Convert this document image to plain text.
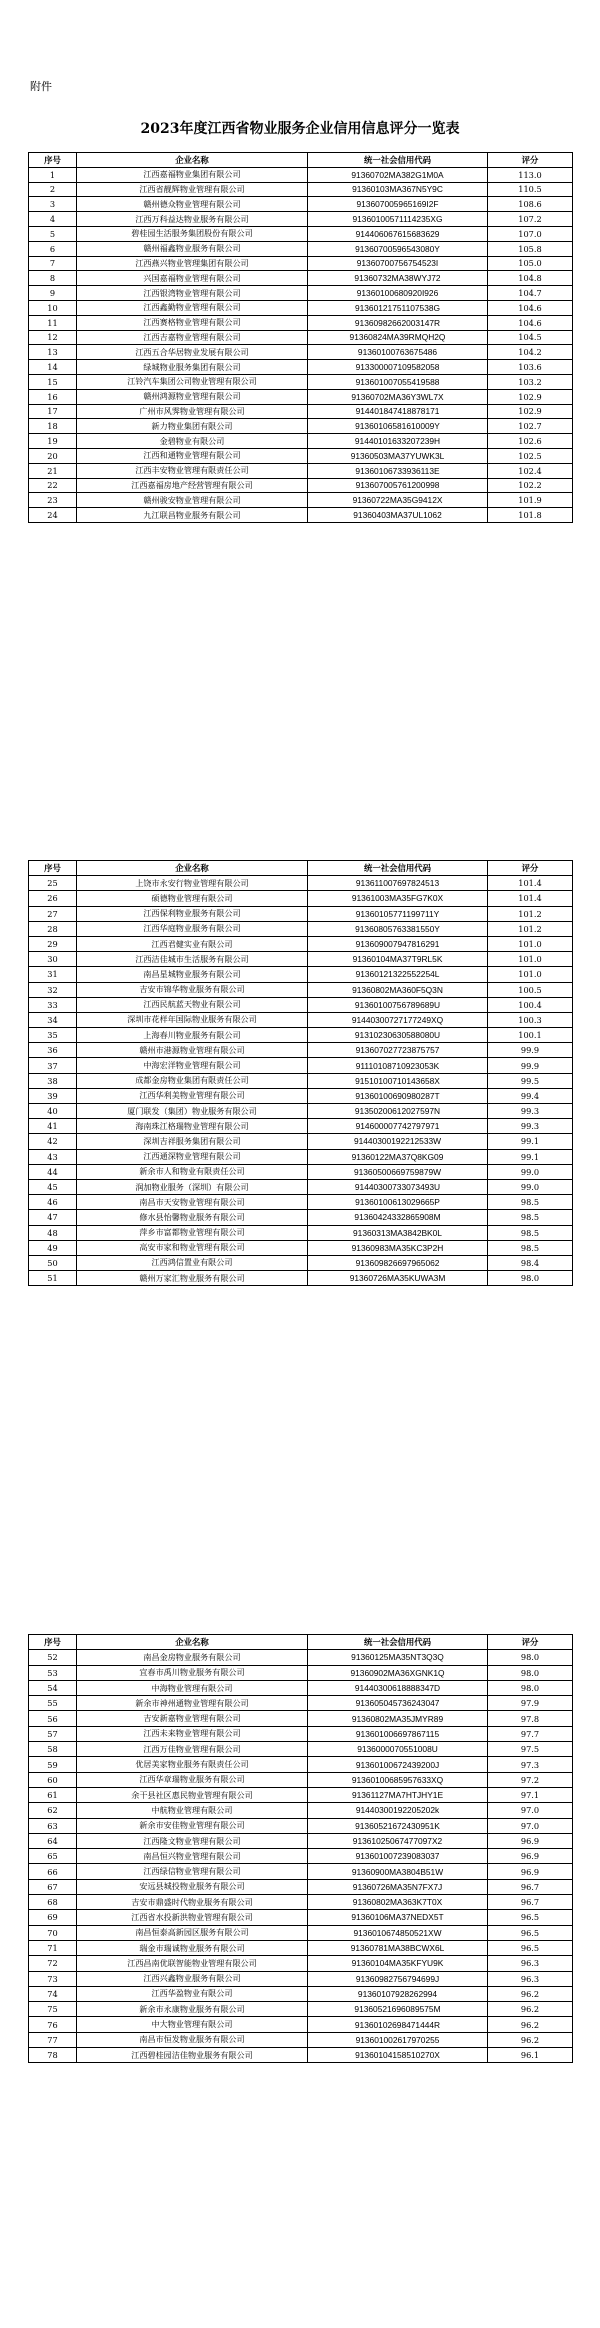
附件
2023年度江西省物业服务企业信用信息评分一览表
序号	企业名称	统一社会信用代码	评分
1	江西嘉福物业集团有限公司	91360702MA382G1M0A	113.0
2	江西省靓辉物业管理有限公司	91360103MA367N5Y9C	110.5
3	赣州德众物业管理有限公司	913607005965169I2F	108.6
4	江西万科益达物业服务有限公司	91360100571114235XG	107.2
5	碧桂园生活服务集团股份有限公司	91440606761568362​9	107.0
6	赣州福鑫物业服务有限公司	91360700596543080Y	105.8
7	江西燕兴物业管理集团有限公司	91360700756754523I	105.0
8	兴国嘉福物业管理有限公司	91360732MA38WYJ72	104.8
9	江西银湾物业管理有限公司	91360100680920I926	104.7
10	江西鑫勤物业管理有限公司	91360121751107538G	104.6
11	江西赛格物业管理有限公司	91360982662003147R	104.6
12	江西吉嘉物业管理有限公司	91360824MA39RMQH2Q	104.5
13	江西五合华居物业发展有限公司	91360100763675486	104.2
14	绿城物业服务集团有限公司	913300007109582058	103.6
15	江铃汽车集团公司物业管理有限公司	91360100705541958​8	103.2
16	赣州鸿源物业管理有限公司	91360702MA36Y3WL7X	102.9
17	广州市风霁物业管理有限公司	914401847418878171	102.9
18	新力物业集团有限公司	91360106581610009Y	102.7
19	金碧物业有限公司	91440101633207239H	102.6
20	江西和通物业管理有限公司	91360503MA37YUWK3L	102.5
21	江西丰安物业管理有限责任公司	91360106733936113E	102.4
22	江西嘉福房地产经营管理有限公司	91360700576120099​8	102.2
23	赣州骏安物业管理有限公司	91360722MA35G9412X	101.9
24	九江联昌物业服务有限公司	91360403MA37UL1062	101.8
序号	企业名称	统一社会信用代码	评分
25	上饶市永安行物业管理有限公司	91361100769782451​3	101.4
26	硕德物业管理有限公司	91361003MA35FG7K0X	101.4
27	江西保利物业服务有限公司	91360105771199711Y	101.2
28	江西华庭物业服务有限公司	91360805763381550Y	101.2
29	江西君健实业有限公司	91360900794781629​1	101.0
30	江西洁佳城市生活服务有限公司	91360104MA37T9RL5K	101.0
31	南昌星城物业服务有限公司	91360121322552254L	101.0
32	吉安市锦华物业服务有限公司	91360802MA360F5Q3N	100.5
33	江西民航蓝天物业有限公司	91360100756789689U	100.4
34	深圳市花样年国际物业服务有限公司	91440300727177249XQ	100.3
35	上海春川物业服务有限公司	91310230630588080U	100.1
36	赣州市港源物业管理有限公司	91360702772387575​7	99.9
37	中海宏洋物业管理有限公司	91110108710923053K	99.9
38	成都金房物业集团有限责任公司	91510100710143658X	99.5
39	江西华利美物业管理有限公司	91360100690980287T	99.4
40	厦门联发（集团）物业服务有限公司	91350200612027597N	99.3
41	海南珠江格瑞物业管理有限公司	91460000774279797​1	99.3
42	深圳吉祥服务集团有限公司	91440300192212533W	99.1
43	江西通深物业管理有限公司	91360122MA37Q8KG09	99.1
44	新余市人和物业有限责任公司	91360500669759879W	99.0
45	润加物业服务（深圳）有限公司	91440300733073493U	99.0
46	南昌市天安物业管理有限公司	91360100613029665P	98.5
47	修水县怡馨物业服务有限公司	91360424332865908M	98.5
48	萍乡市富都物业管理有限公司	91360313MA3842BK0L	98.5
49	高安市家和物业管理有限公司	91360983MA35KC3P2H	98.5
50	江西鸿信置业有限公司	91360982669796506​2	98.4
51	赣州万家汇物业服务有限公司	91360726MA35KUWA3M	98.0
序号	企业名称	统一社会信用代码	评分
52	南昌金房物业服务有限公司	91360125MA35NT3Q3Q	98.0
53	宜春市禹川物业服务有限公司	91360902MA36XGNK1Q	98.0
54	中海物业管理有限公司	91440300618888347D	98.0
55	新余市神州通物业管理有限公司	91360504573624304​7	97.9
56	吉安新嘉物业管理有限公司	91360802MA35JMYR89	97.8
57	江西未来物业管理有限公司	91360100669786711​5	97.7
58	江西万佳物业管理有限公司	91360000705510​08U	97.5
59	优居美家物业服务有限责任公司	91360100672439200J	97.3
60	江西华章瑞物业服务有限公司	91360100685957633XQ	97.2
61	余干县社区惠民物业管理有限公司	91361127MA7HTJHY1E	97.1
62	中航物业管理有限公司	91440300192205202k	97.0
63	新余市安佳物业管理有限公司	91360521672430951K	97.0
64	江西隆文物业管理有限公司	91361025067477097X2	96.9
65	南昌恒兴物业管理有限公司	91360100723908303​7	96.9
66	江西绿信物业管理有限公司	91360900MA3804B51W	96.9
67	安远县城投物业服务有限公司	91360726MA35N7FX7J	96.7
68	吉安市鼎盛时代物业服务有限公司	91360802MA363K7T0X	96.7
69	江西省水投新洪物业管理有限公司	91360106MA37NEDX5T	96.5
70	南昌恒泰高新园区服务有限公司	91360106748505​21XW	96.5
71	瑞金市瑞诚物业服务有限公司	91360781MA38BCWX6L	96.5
72	江西昌南优联智能物业管理有限公司	91360104MA35KFYU9K	96.3
73	江西兴鑫物业服务有限公司	91360982756794699J	96.3
74	江西华盈物业有限公司	91360107928262994​	96.2
75	新余市永康物业服务有限公司	91360521696089575M	96.2
76	中大物业管理有限公司	91360102698471444R	96.2
77	南昌市恒发物业服务有限公司	91360100261797025​5	96.2
78	江西碧桂园洁佳物业服务有限公司	91360104158510270X	96.1
